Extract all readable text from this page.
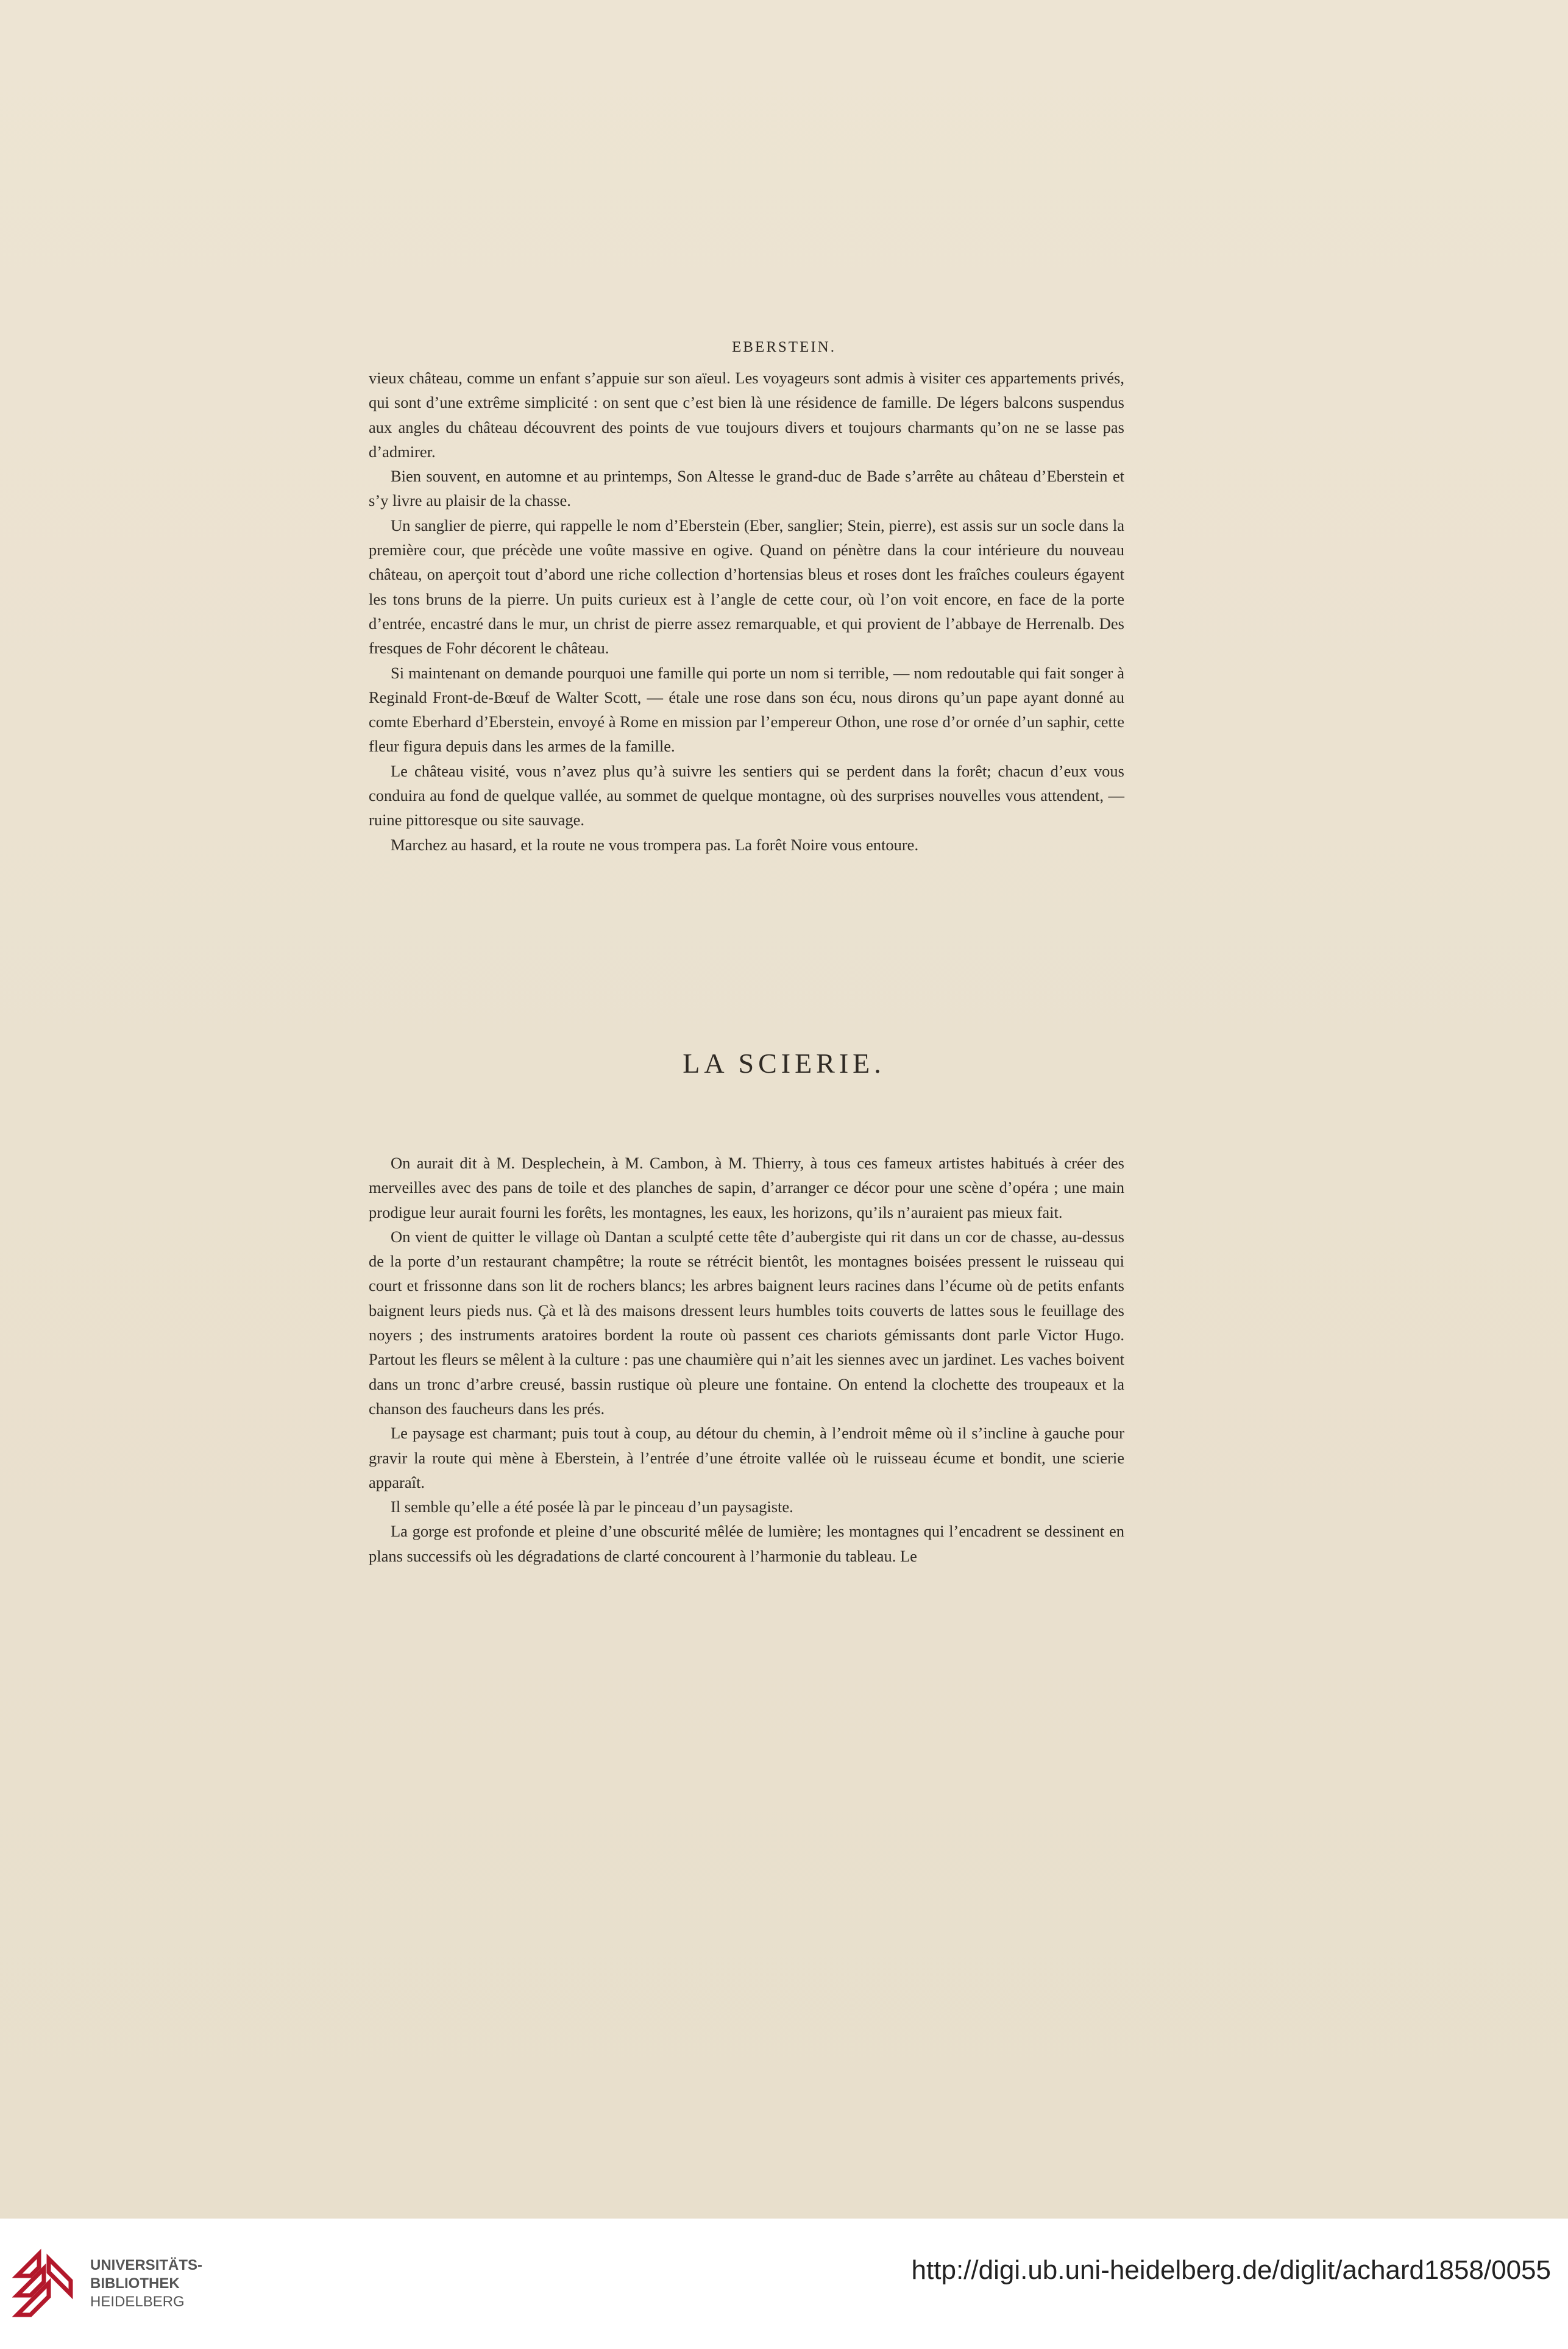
EBERSTEIN.

vieux château, comme un enfant s’appuie sur son aïeul. Les voyageurs sont admis à visiter ces appartements privés, qui sont d’une extrême simplicité : on sent que c’est bien là une résidence de famille. De légers balcons suspendus aux angles du château découvrent des points de vue toujours divers et toujours charmants qu’on ne se lasse pas d’admirer.

Bien souvent, en automne et au printemps, Son Altesse le grand-duc de Bade s’arrête au château d’Eberstein et s’y livre au plaisir de la chasse.

Un sanglier de pierre, qui rappelle le nom d’Eberstein (Eber, sanglier; Stein, pierre), est assis sur un socle dans la première cour, que précède une voûte massive en ogive. Quand on pénètre dans la cour intérieure du nouveau château, on aperçoit tout d’abord une riche collection d’hortensias bleus et roses dont les fraîches couleurs égayent les tons bruns de la pierre. Un puits curieux est à l’angle de cette cour, où l’on voit encore, en face de la porte d’entrée, encastré dans le mur, un christ de pierre assez remarquable, et qui provient de l’abbaye de Herrenalb. Des fresques de Fohr décorent le château.

Si maintenant on demande pourquoi une famille qui porte un nom si terrible, — nom redoutable qui fait songer à Reginald Front-de-Bœuf de Walter Scott, — étale une rose dans son écu, nous dirons qu’un pape ayant donné au comte Eberhard d’Eberstein, envoyé à Rome en mission par l’empereur Othon, une rose d’or ornée d’un saphir, cette fleur figura depuis dans les armes de la famille.

Le château visité, vous n’avez plus qu’à suivre les sentiers qui se perdent dans la forêt; chacun d’eux vous conduira au fond de quelque vallée, au sommet de quelque montagne, où des surprises nouvelles vous attendent, — ruine pittoresque ou site sauvage.

Marchez au hasard, et la route ne vous trompera pas. La forêt Noire vous entoure.

LA SCIERIE.

On aurait dit à M. Desplechein, à M. Cambon, à M. Thierry, à tous ces fameux artistes habitués à créer des merveilles avec des pans de toile et des planches de sapin, d’arranger ce décor pour une scène d’opéra ; une main prodigue leur aurait fourni les forêts, les montagnes, les eaux, les horizons, qu’ils n’auraient pas mieux fait.

On vient de quitter le village où Dantan a sculpté cette tête d’aubergiste qui rit dans un cor de chasse, au-dessus de la porte d’un restaurant champêtre; la route se rétrécit bientôt, les montagnes boisées pressent le ruisseau qui court et frissonne dans son lit de rochers blancs; les arbres baignent leurs racines dans l’écume où de petits enfants baignent leurs pieds nus. Çà et là des maisons dressent leurs humbles toits couverts de lattes sous le feuillage des noyers ; des instruments aratoires bordent la route où passent ces chariots gémissants dont parle Victor Hugo. Partout les fleurs se mêlent à la culture : pas une chaumière qui n’ait les siennes avec un jardinet. Les vaches boivent dans un tronc d’arbre creusé, bassin rustique où pleure une fontaine. On entend la clochette des troupeaux et la chanson des faucheurs dans les prés.

Le paysage est charmant; puis tout à coup, au détour du chemin, à l’endroit même où il s’incline à gauche pour gravir la route qui mène à Eberstein, à l’entrée d’une étroite vallée où le ruisseau écume et bondit, une scierie apparaît.

Il semble qu’elle a été posée là par le pinceau d’un paysagiste.

La gorge est profonde et pleine d’une obscurité mêlée de lumière; les montagnes qui l’encadrent se dessinent en plans successifs où les dégradations de clarté concourent à l’harmonie du tableau. Le

UNIVERSITÄTS-
BIBLIOTHEK
HEIDELBERG
http://digi.ub.uni-heidelberg.de/diglit/achard1858/0055
